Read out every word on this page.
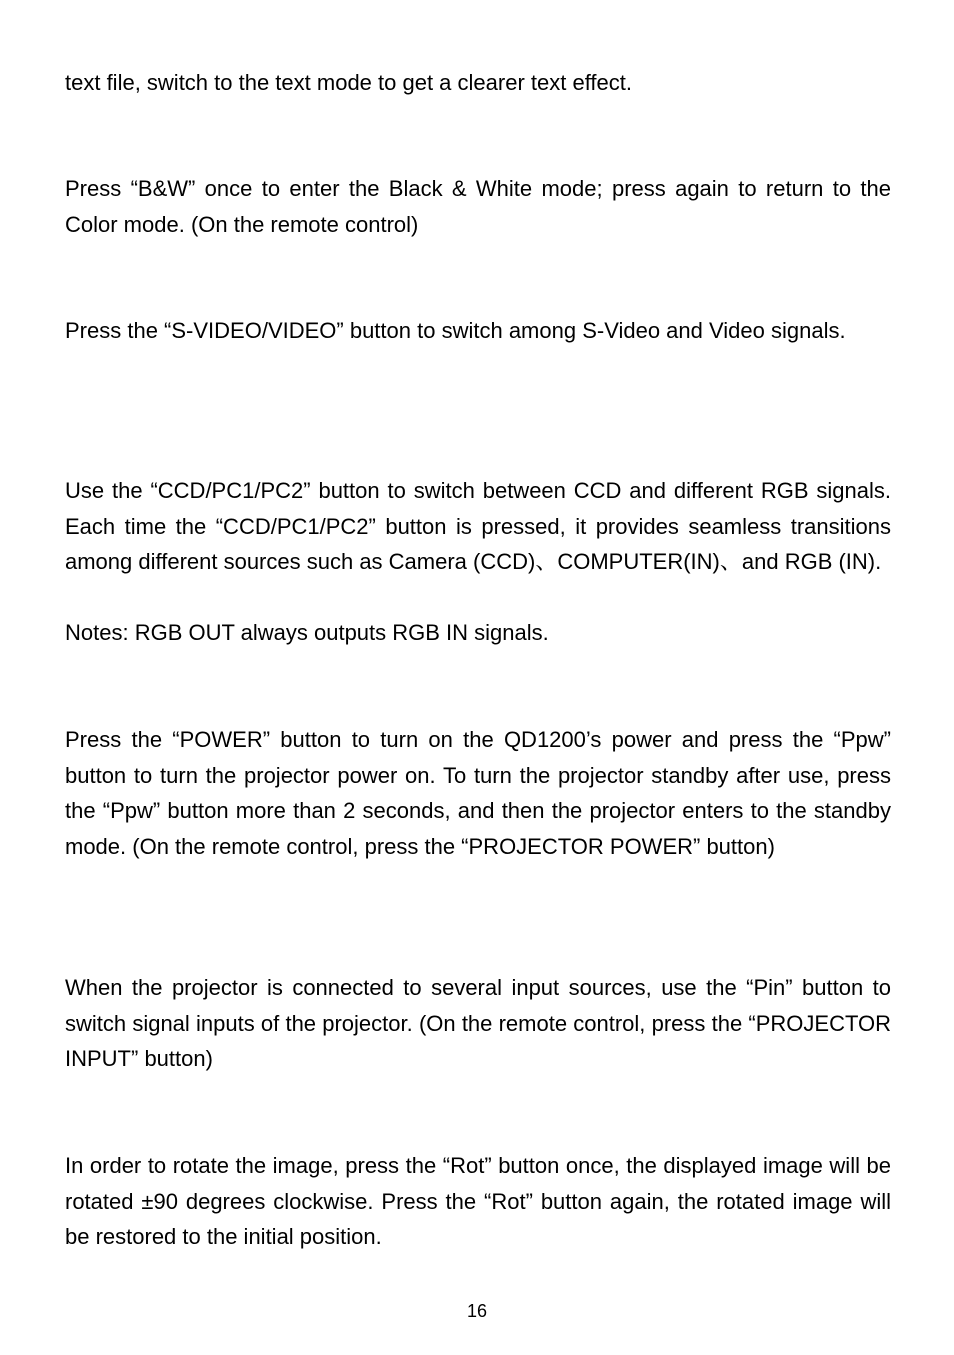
text file, switch to the text mode to get a clearer text effect.

Press “B&W” once to enter the Black & White mode; press again to return to the Color mode. (On the remote control)

Press the “S-VIDEO/VIDEO” button to switch among S-Video and Video signals.

Use the “CCD/PC1/PC2” button to switch between CCD and different RGB signals. Each time the “CCD/PC1/PC2” button is pressed, it provides seamless transitions among different sources such as Camera (CCD)、COMPUTER(IN)、and RGB (IN).

Notes: RGB OUT always outputs RGB IN signals.

Press the “POWER” button to turn on the QD1200’s power and press the “Ppw” button to turn the projector power on. To turn the projector standby after use, press the “Ppw” button more than 2 seconds, and then the projector enters to the standby mode. (On the remote control, press the “PROJECTOR POWER” button)

When the projector is connected to several input sources, use the “Pin” button to switch signal inputs of the projector. (On the remote control, press the “PROJECTOR INPUT” button)

In order to rotate the image, press the “Rot” button once, the displayed image will be rotated ±90 degrees clockwise. Press the “Rot” button again, the rotated image will be restored to the initial position.

16
